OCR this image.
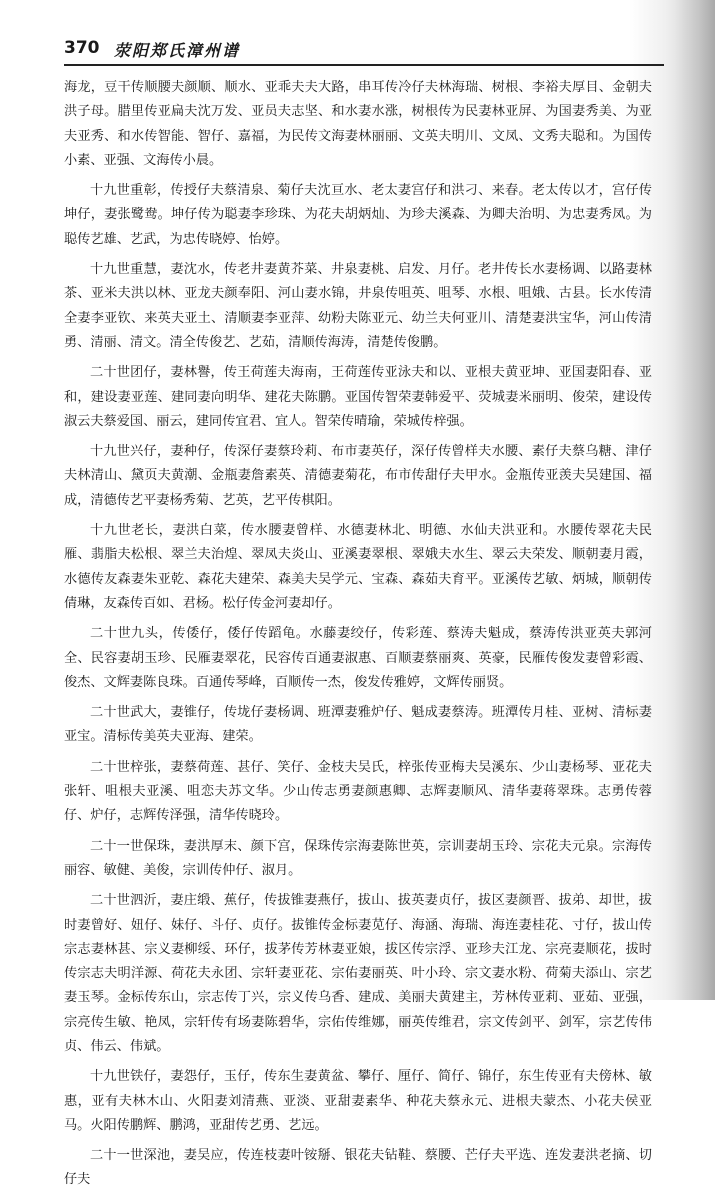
370 荥阳郑氏漳州谱

海龙，豆干传顺腰夫颜顺、顺水、亚乖夫夫大路，串耳传冷仔夫林海瑞、树根、李裕夫厚目、金朝夫洪子母。腊里传亚扁夫沈万发、亚员夫志坚、和水妻水涨，树根传为民妻林亚屏、为国妻秀美、为亚夫亚秀、和水传智能、智仔、嘉福，为民传文海妻林丽丽、文英夫明川、文凤、文秀夫聪和。为国传小素、亚强、文海传小晨。

十九世重彰，传授仔夫蔡清泉、菊仔夫沈亘水、老太妻宫仔和洪刁、来春。老太传以才，宫仔传坤仔，妻张鹭鸯。坤仔传为聪妻李珍珠、为花夫胡炳灿、为珍夫溪森、为卿夫治明、为忠妻秀凤。为聪传艺雄、艺武，为忠传晓婷、怡婷。

十九世重慧，妻沈水，传老井妻黄芥菜、井泉妻桃、启发、月仔。老井传长水妻杨调、以路妻林茶、亚米夫洪以林、亚龙夫颜奉阳、河山妻水锦，井泉传咀英、咀琴、水根、咀娥、古县。长水传清全妻李亚钦、来英夫亚土、清顺妻李亚萍、幼粉夫陈亚元、幼兰夫何亚川、清楚妻洪宝华，河山传清勇、清丽、清文。清全传俊艺、艺茹，清顺传海涛，清楚传俊鹏。

二十世团仔，妻林譽，传王荷莲夫海南，王荷莲传亚泳夫和以、亚根夫黄亚坤、亚国妻阳春、亚和，建设妻亚莲、建同妻向明华、建花夫陈鹏。亚国传智荣妻韩爱平、荧城妻米丽明、俊荣，建设传淑云夫蔡爱国、丽云，建同传宜君、宜人。智荣传晴瑜，荣城传梓强。

十九世兴仔，妻种仔，传深仔妻蔡玲莉、布市妻英仔，深仔传曾样夫水腰、素仔夫蔡乌糖、津仔夫林清山、黛页夫黄潮、金瓶妻詹素英、清德妻菊花，布市传甜仔夫甲水。金瓶传亚羡夫吴建国、福成，清德传艺平妻杨秀菊、艺英，艺平传棋阳。

十九世老长，妻洪白菜，传水腰妻曾样、水德妻林北、明德、水仙夫洪亚和。水腰传翠花夫民雁、翡脂夫松根、翠兰夫治煌、翠凤夫炎山、亚溪妻翠根、翠娥夫水生、翠云夫荣发、顺朝妻月霞，水德传友森妻朱亚乾、森花夫建荣、森美夫吴学元、宝森、森茹夫育平。亚溪传艺敏、炳城，顺朝传倩琳，友森传百如、君杨。松仔传金河妻却仔。

二十世九头，传倭仔，倭仔传蹈龟。水藤妻绞仔，传彩莲、蔡涛夫魁成，蔡涛传洪亚英夫郭河全、民容妻胡玉珍、民雁妻翠花，民容传百通妻淑惠、百顺妻蔡丽爽、英豪，民雁传俊发妻曾彩霞、俊杰、文辉妻陈良珠。百通传琴峰，百顺传一杰，俊发传雅婷，文辉传丽贤。

二十世武大，妻锥仔，传垅仔妻杨调、班潭妻雅炉仔、魁成妻蔡涛。班潭传月桂、亚树、清标妻亚宝。清标传美英夫亚海、建荣。

二十世梓张，妻蔡荷莲、甚仔、笑仔、金枝夫吴氏，梓张传亚梅夫吴溪东、少山妻杨琴、亚花夫张轩、咀根夫亚溪、咀恋夫苏文华。少山传志勇妻颜惠卿、志辉妻顺风、清华妻蒋翠珠。志勇传蓉仔、炉仔，志辉传泽强，清华传晓玲。

二十一世保珠，妻洪厚末、颜下宫，保珠传宗海妻陈世英，宗训妻胡玉玲、宗花夫元泉。宗海传丽容、敏健、美俊，宗训传仲仔、淑月。

二十世泗沂，妻庄缎、蕉仔，传拔锥妻燕仔，拔山、拔英妻贞仔，拔区妻颜晋、拔弟、却世，拔时妻曾好、妞仔、妹仔、斗仔、贞仔。拔锥传金标妻苋仔、海涵、海瑞、海连妻桂花、寸仔，拔山传宗志妻林甚、宗义妻柳绥、环仔，拔茅传芳林妻亚娘，拔区传宗浮、亚珍夫江龙、宗亮妻顺花，拔时传宗志夫明洋源、荷花夫永团、宗轩妻亚花、宗佑妻丽英、叶小玲、宗文妻水粉、荷菊夫添山、宗艺妻玉琴。金标传东山，宗志传丁兴，宗义传乌香、建成、美丽夫黄建主，芳林传亚莉、亚茹、亚强，宗亮传生敏、艳凤，宗轩传有场妻陈碧华，宗佑传维娜，丽英传维君，宗文传剑平、剑军，宗艺传伟贞、伟云、伟斌。

十九世铁仔，妻怨仔，玉仔，传东生妻黄盆、攀仔、厘仔、简仔、锦仔，东生传亚有夫傍林、敏惠，亚有夫林木山、火阳妻刘清燕、亚淡、亚甜妻素华、种花夫蔡永元、进根夫蒙杰、小花夫侯亚马。火阳传鹏辉、鹏鸿，亚甜传艺勇、艺远。

二十一世深池，妻吴应，传连枝妻叶铵掰、银花夫钻鞋、蔡腰、芒仔夫平选、连发妻洪老摘、切仔夫
